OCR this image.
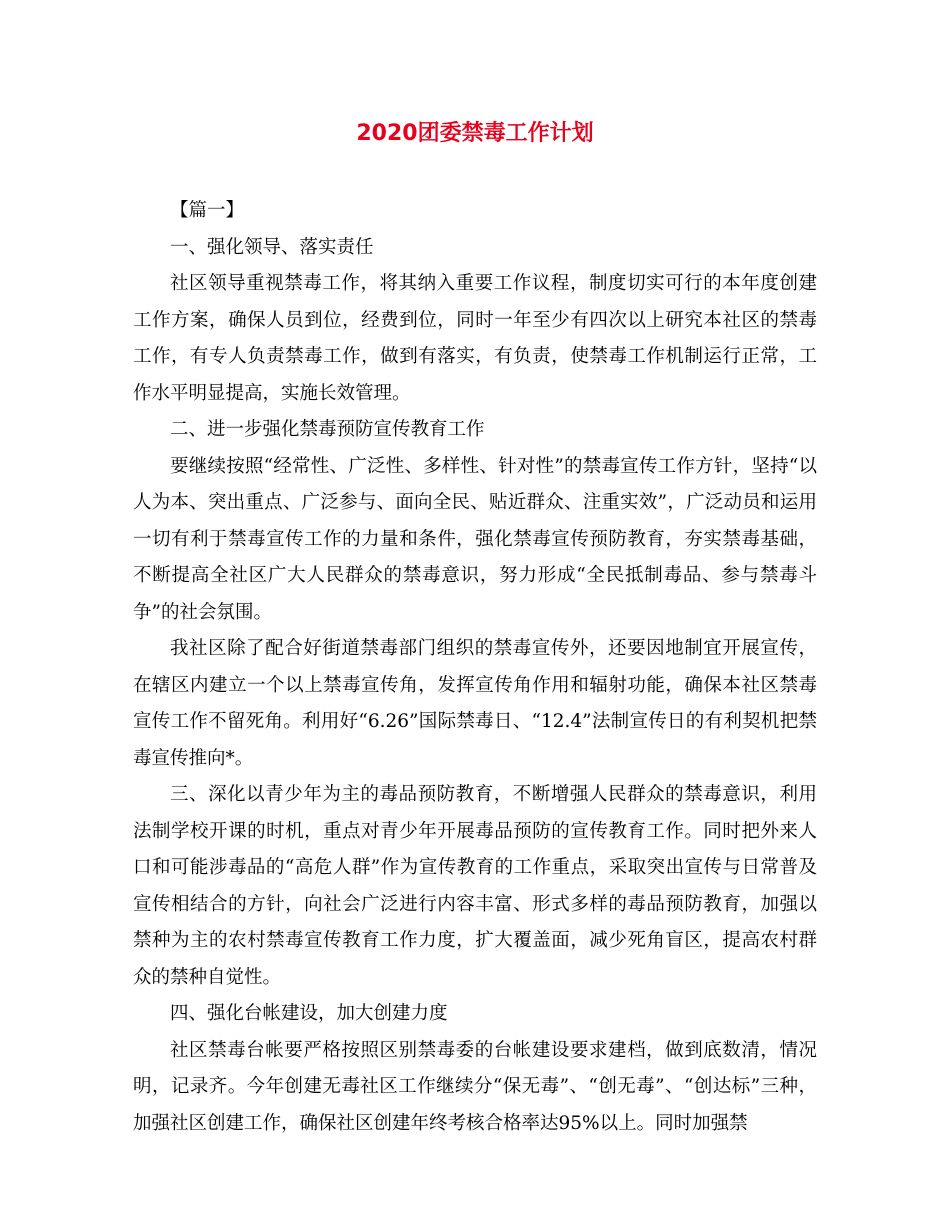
2020团委禁毒工作计划

【篇一】

一、强化领导、落实责任

社区领导重视禁毒工作，将其纳入重要工作议程，制度切实可行的本年度创建工作方案，确保人员到位，经费到位，同时一年至少有四次以上研究本社区的禁毒工作，有专人负责禁毒工作，做到有落实，有负责，使禁毒工作机制运行正常，工作水平明显提高，实施长效管理。

二、进一步强化禁毒预防宣传教育工作

要继续按照“经常性、广泛性、多样性、针对性”的禁毒宣传工作方针，坚持“以人为本、突出重点、广泛参与、面向全民、贴近群众、注重实效”，广泛动员和运用一切有利于禁毒宣传工作的力量和条件，强化禁毒宣传预防教育，夯实禁毒基础，不断提高全社区广大人民群众的禁毒意识，努力形成“全民抵制毒品、参与禁毒斗争”的社会氛围。

我社区除了配合好街道禁毒部门组织的禁毒宣传外，还要因地制宜开展宣传，在辖区内建立一个以上禁毒宣传角，发挥宣传角作用和辐射功能，确保本社区禁毒宣传工作不留死角。利用好“6.26”国际禁毒日、“12.4”法制宣传日的有利契机把禁毒宣传推向*。

三、深化以青少年为主的毒品预防教育，不断增强人民群众的禁毒意识，利用法制学校开课的时机，重点对青少年开展毒品预防的宣传教育工作。同时把外来人口和可能涉毒品的“高危人群”作为宣传教育的工作重点，采取突出宣传与日常普及宣传相结合的方针，向社会广泛进行内容丰富、形式多样的毒品预防教育，加强以禁种为主的农村禁毒宣传教育工作力度，扩大覆盖面，减少死角盲区，提高农村群众的禁种自觉性。

四、强化台帐建设，加大创建力度

社区禁毒台帐要严格按照区别禁毒委的台帐建设要求建档，做到底数清，情况明，记录齐。今年创建无毒社区工作继续分“保无毒”、“创无毒”、“创达标”三种，加强社区创建工作，确保社区创建年终考核合格率达95%以上。同时加强禁
